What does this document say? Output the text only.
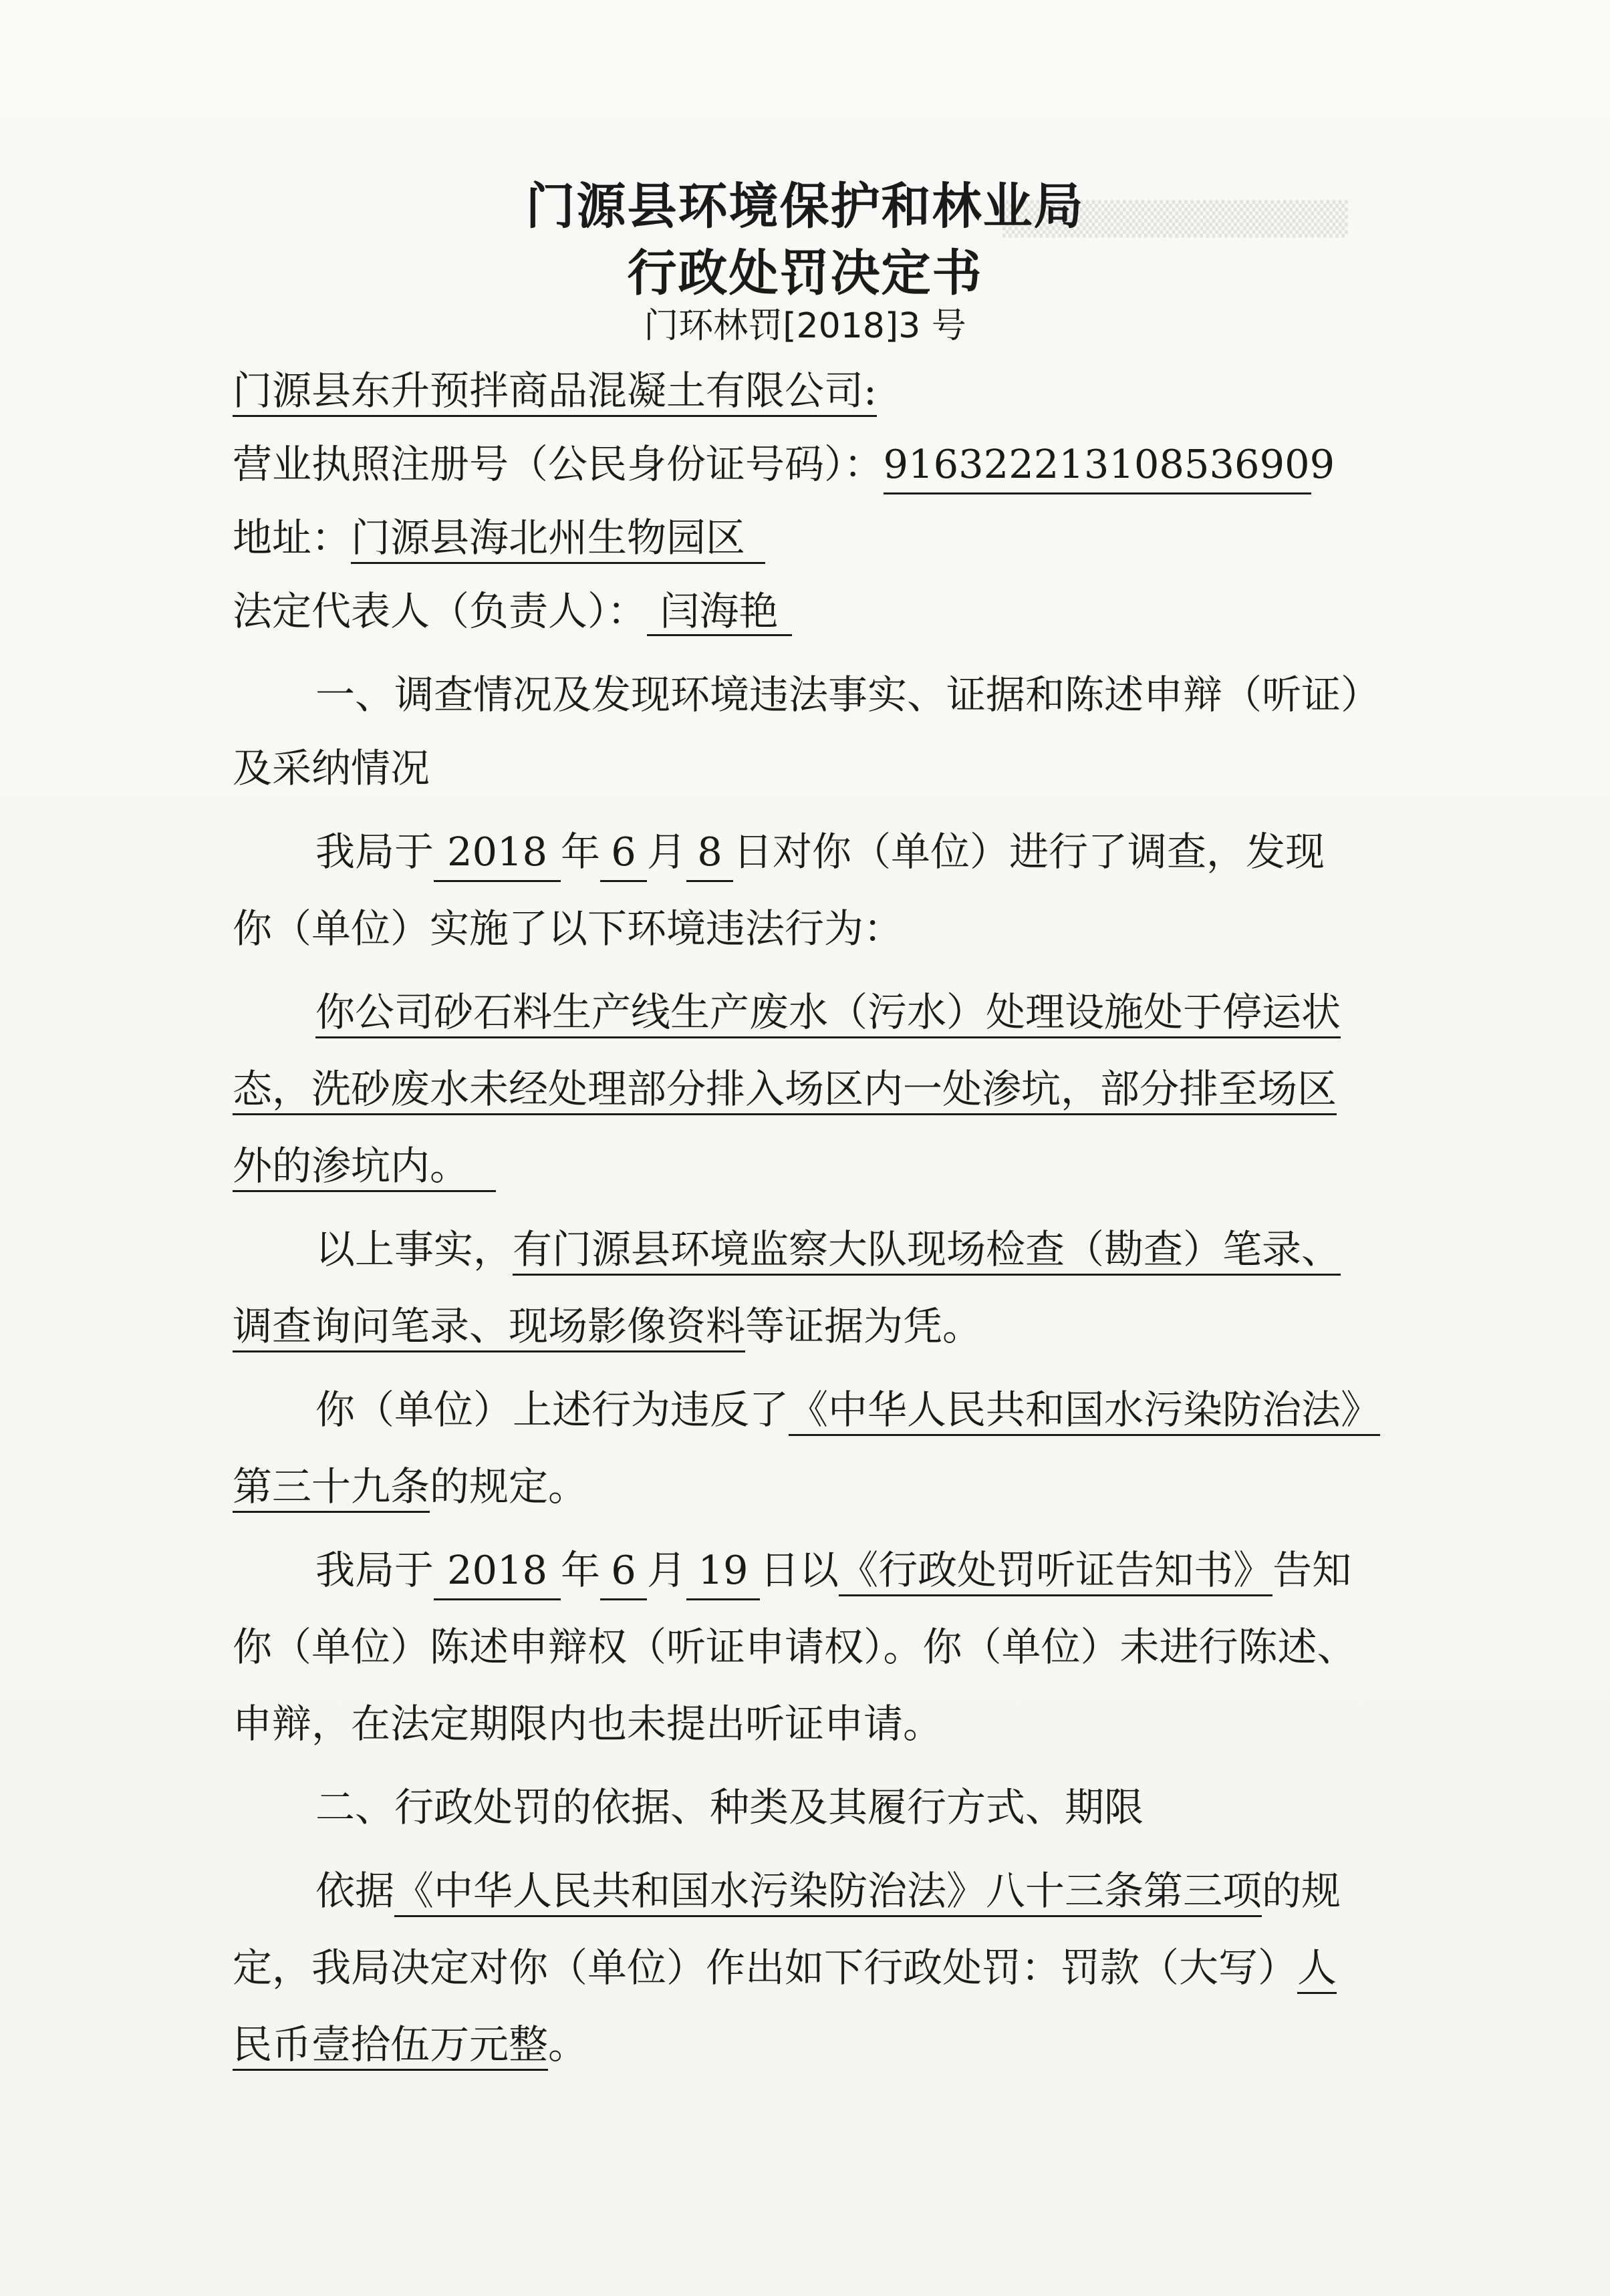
▒▒▒▒▒▒▒▒▒▒▒▒▒▒
门源县环境保护和林业局
行政处罚决定书
门环林罚[2018]3 号
门源县东升预拌商品混凝土有限公司:
营业执照注册号（公民身份证号码）：91632221310853690​9
地址：门源县海北州生物园区
法定代表人（负责人）： 闫海艳
一、调查情况及发现环境违法事实、证据和陈述申辩（听证）
及采纳情况
我局于 2018 年 6 月 8 日对你（单位）进行了调查，发现
你（单位）实施了以下环境违法行为：
你公司砂石料生产线生产废水（污水）处理设施处于停运状
态，洗砂废水未经处理部分排入场区内一处渗坑，部分排至场区
外的渗坑内。
以上事实，有门源县环境监察大队现场检查（勘查）笔录、
调查询问笔录、现场影像资料等证据为凭。
你（单位）上述行为违反了《中华人民共和国水污染防治法》
第三十九条的规定。
我局于 2018 年 6 月 19 日以《行政处罚听证告知书》告知
你（单位）陈述申辩权（听证申请权）。你（单位）未进行陈述、
申辩，在法定期限内也未提出听证申请。
二、行政处罚的依据、种类及其履行方式、期限
依据《中华人民共和国水污染防治法》八十三条第三项的规
定，我局决定对你（单位）作出如下行政处罚：罚款（大写）人
民币壹拾伍万元整。
